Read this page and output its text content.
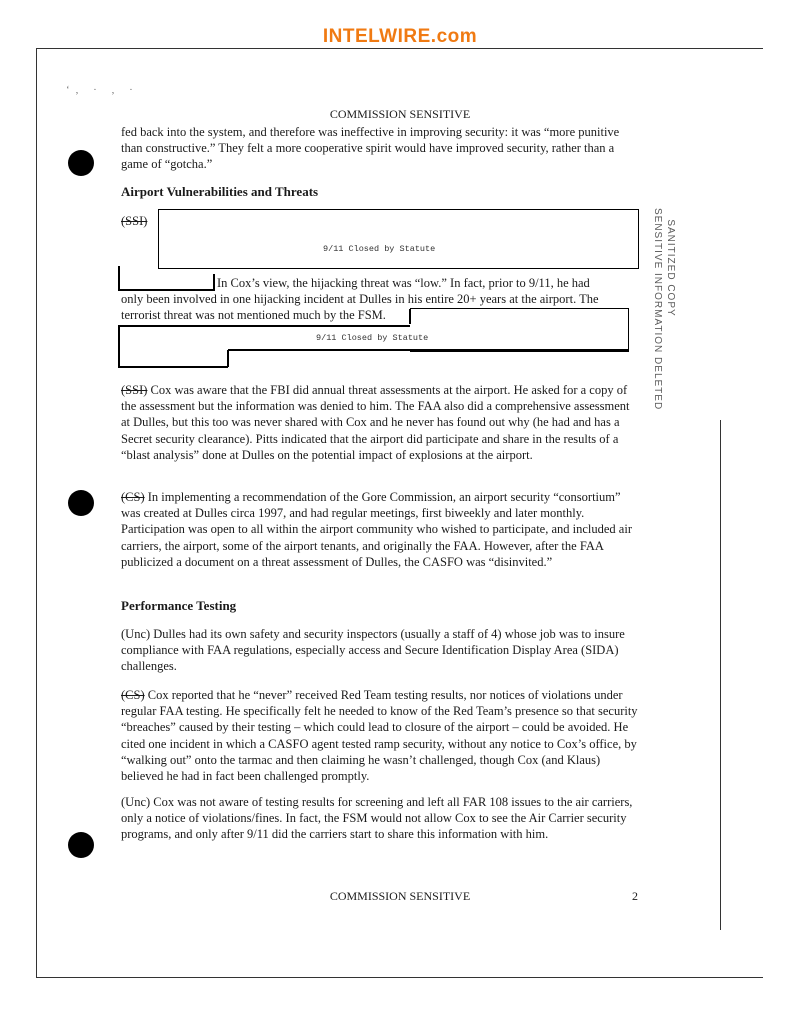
INTELWIRE.com
‘, · , ·
COMMISSION SENSITIVE
SANITIZED COPY
SENSITIVE INFORMATION DELETED

fed back into the system, and therefore was ineffective in improving security: it was “more punitive than constructive.” They felt a more cooperative spirit would have improved security, rather than a game of “gotcha.”

Airport Vulnerabilities and Threats
(SSI)
9/11 Closed by Statute

In Cox’s view, the hijacking threat was “low.” In fact, prior to 9/11, he had

only been involved in one hijacking incident at Dulles in his entire 20+ years at the airport. The

terrorist threat was not mentioned much by the FSM.

9/11 Closed by Statute

(SSI) Cox was aware that the FBI did annual threat assessments at the airport. He asked for a copy of the assessment but the information was denied to him. The FAA also did a comprehensive assessment at Dulles, but this too was never shared with Cox and he never has found out why (he had and has a Secret security clearance). Pitts indicated that the airport did participate and share in the results of a “blast analysis” done at Dulles on the potential impact of explosions at the airport.

(CS) In implementing a recommendation of the Gore Commission, an airport security “consortium” was created at Dulles circa 1997, and had regular meetings, first biweekly and later monthly. Participation was open to all within the airport community who wished to participate, and included air carriers, the airport, some of the airport tenants, and originally the FAA. However, after the FAA publicized a document on a threat assessment of Dulles, the CASFO was “disinvited.”

Performance Testing

(Unc) Dulles had its own safety and security inspectors (usually a staff of 4) whose job was to insure compliance with FAA regulations, especially access and Secure Identification Display Area (SIDA) challenges.

(CS) Cox reported that he “never” received Red Team testing results, nor notices of violations under regular FAA testing. He specifically felt he needed to know of the Red Team’s presence so that security “breaches” caused by their testing – which could lead to closure of the airport – could be avoided. He cited one incident in which a CASFO agent tested ramp security, without any notice to Cox’s office, by “walking out” onto the tarmac and then claiming he wasn’t challenged, though Cox (and Klaus) believed he had in fact been challenged promptly.

(Unc) Cox was not aware of testing results for screening and left all FAR 108 issues to the air carriers, only a notice of violations/fines. In fact, the FSM would not allow Cox to see the Air Carrier security programs, and only after 9/11 did the carriers start to share this information with him.

COMMISSION SENSITIVE	2
